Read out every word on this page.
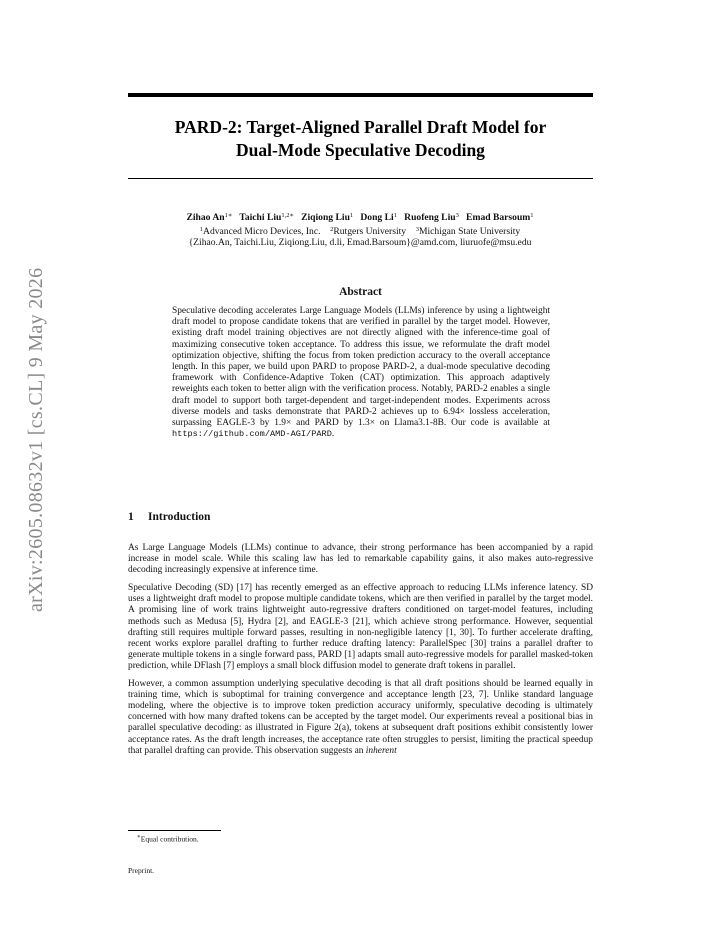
arXiv:2605.08632v1 [cs.CL] 9 May 2026
PARD-2: Target-Aligned Parallel Draft Model for
Dual-Mode Speculative Decoding
Zihao $An^{1∗}$ Taichi Liu$^{1,2∗}$ Ziqiong Liu$^1$ Dong Li$^1$ Ruofeng Liu$^3$ Emad Barsoum$^1$
$^1$Advanced Micro Devices, Inc. $^2$Rutgers University $^3$Michigan State University
{Zihao.An, Taichi.Liu, Ziqiong.Liu, d.li, Emad.Barsoum}@amd.com, liuruofe@msu.edu
Abstract
Speculative decoding accelerates Large Language Models (LLMs) inference by using a lightweight draft model to propose candidate tokens that are verified in parallel by the target model. However, existing draft model training objectives are not directly aligned with the inference-time goal of maximizing consecutive token acceptance. To address this issue, we reformulate the draft model optimization objective, shifting the focus from token prediction accuracy to the overall acceptance length. In this paper, we build upon PARD to propose PARD-2, a dual-mode speculative decoding framework with Confidence-Adaptive Token (CAT) optimization. This approach adaptively reweights each token to better align with the verification process. Notably, PARD-2 enables a single draft model to support both target-dependent and target-independent modes. Experiments across diverse models and tasks demonstrate that PARD-2 achieves up to 6.94× lossless acceleration, surpassing EAGLE-3 by 1.9× and PARD by 1.3× on Llama3.1-8B. Our code is available at https://github.com/AMD-AGI/PARD.
1 Introduction

As Large Language Models (LLMs) continue to advance, their strong performance has been accompanied by a rapid increase in model scale. While this scaling law has led to remarkable capability gains, it also makes auto-regressive decoding increasingly expensive at inference time.

Speculative Decoding (SD) [17] has recently emerged as an effective approach to reducing LLMs inference latency. SD uses a lightweight draft model to propose multiple candidate tokens, which are then verified in parallel by the target model. A promising line of work trains lightweight auto-regressive drafters conditioned on target-model features, including methods such as Medusa [5], Hydra [2], and EAGLE-3 [21], which achieve strong performance. However, sequential drafting still requires multiple forward passes, resulting in non-negligible latency [1, 30]. To further accelerate drafting, recent works explore parallel drafting to further reduce drafting latency: ParallelSpec [30] trains a parallel drafter to generate multiple tokens in a single forward pass, PARD [1] adapts small auto-regressive models for parallel masked-token prediction, while DFlash [7] employs a small block diffusion model to generate draft tokens in parallel.

However, a common assumption underlying speculative decoding is that all draft positions should be learned equally in training time, which is suboptimal for training convergence and acceptance length [23, 7]. Unlike standard language modeling, where the objective is to improve token prediction accuracy uniformly, speculative decoding is ultimately concerned with how many drafted tokens can be accepted by the target model. Our experiments reveal a positional bias in parallel speculative decoding: as illustrated in Figure 2(a), tokens at subsequent draft positions exhibit consistently lower acceptance rates. As the draft length increases, the acceptance rate often struggles to persist, limiting the practical speedup that parallel drafting can provide. This observation suggests an inherent

∗Equal contribution.
Preprint.
